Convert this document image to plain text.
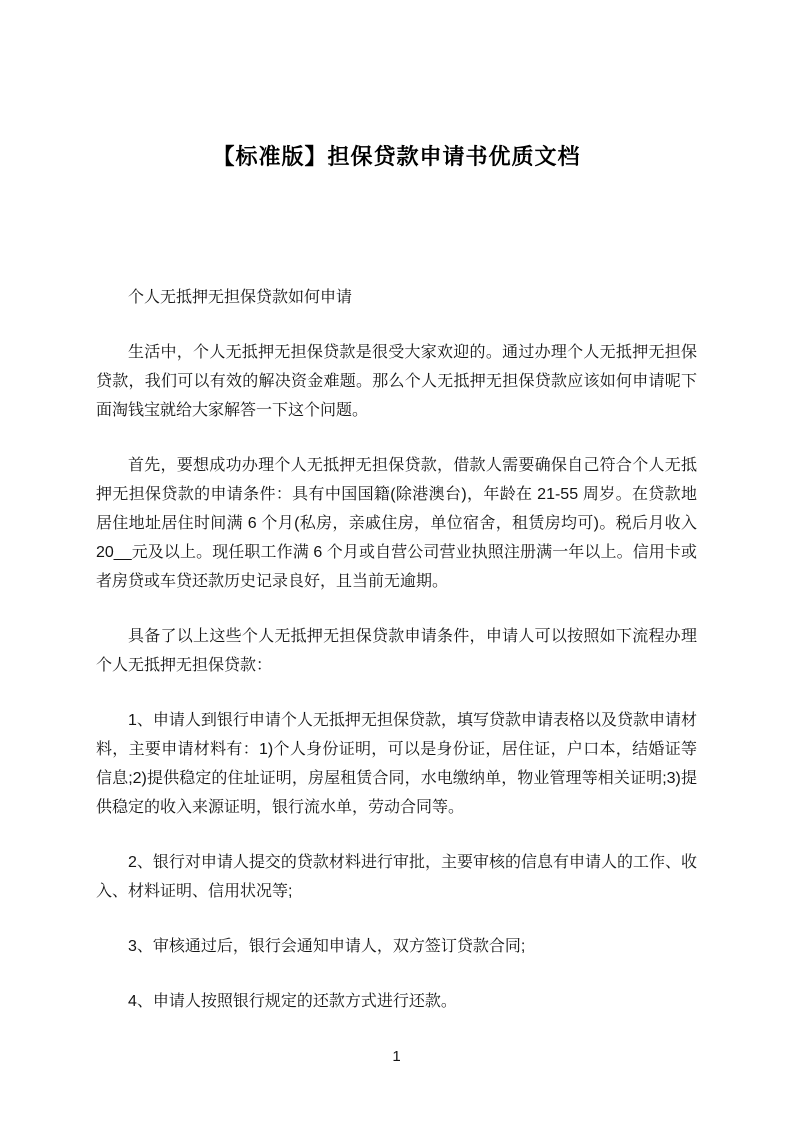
【标准版】担保贷款申请书优质文档

个人无抵押无担保贷款如何申请

生活中，个人无抵押无担保贷款是很受大家欢迎的。通过办理个人无抵押无担保贷款，我们可以有效的解决资金难题。那么个人无抵押无担保贷款应该如何申请呢下面淘钱宝就给大家解答一下这个问题。

首先，要想成功办理个人无抵押无担保贷款，借款人需要确保自己符合个人无抵押无担保贷款的申请条件：具有中国国籍(除港澳台)，年龄在 21-55 周岁。在贷款地居住地址居住时间满 6 个月(私房，亲戚住房，单位宿舍，租赁房均可)。税后月收入 20__元及以上。现任职工作满 6 个月或自营公司营业执照注册满一年以上。信用卡或者房贷或车贷还款历史记录良好，且当前无逾期。

具备了以上这些个人无抵押无担保贷款申请条件，申请人可以按照如下流程办理个人无抵押无担保贷款：

1、申请人到银行申请个人无抵押无担保贷款，填写贷款申请表格以及贷款申请材料，主要申请材料有：1)个人身份证明，可以是身份证，居住证，户口本，结婚证等信息;2)提供稳定的住址证明，房屋租赁合同，水电缴纳单，物业管理等相关证明;3)提供稳定的收入来源证明，银行流水单，劳动合同等。

2、银行对申请人提交的贷款材料进行审批，主要审核的信息有申请人的工作、收入、材料证明、信用状况等;

3、审核通过后，银行会通知申请人，双方签订贷款合同;

4、申请人按照银行规定的还款方式进行还款。

1
